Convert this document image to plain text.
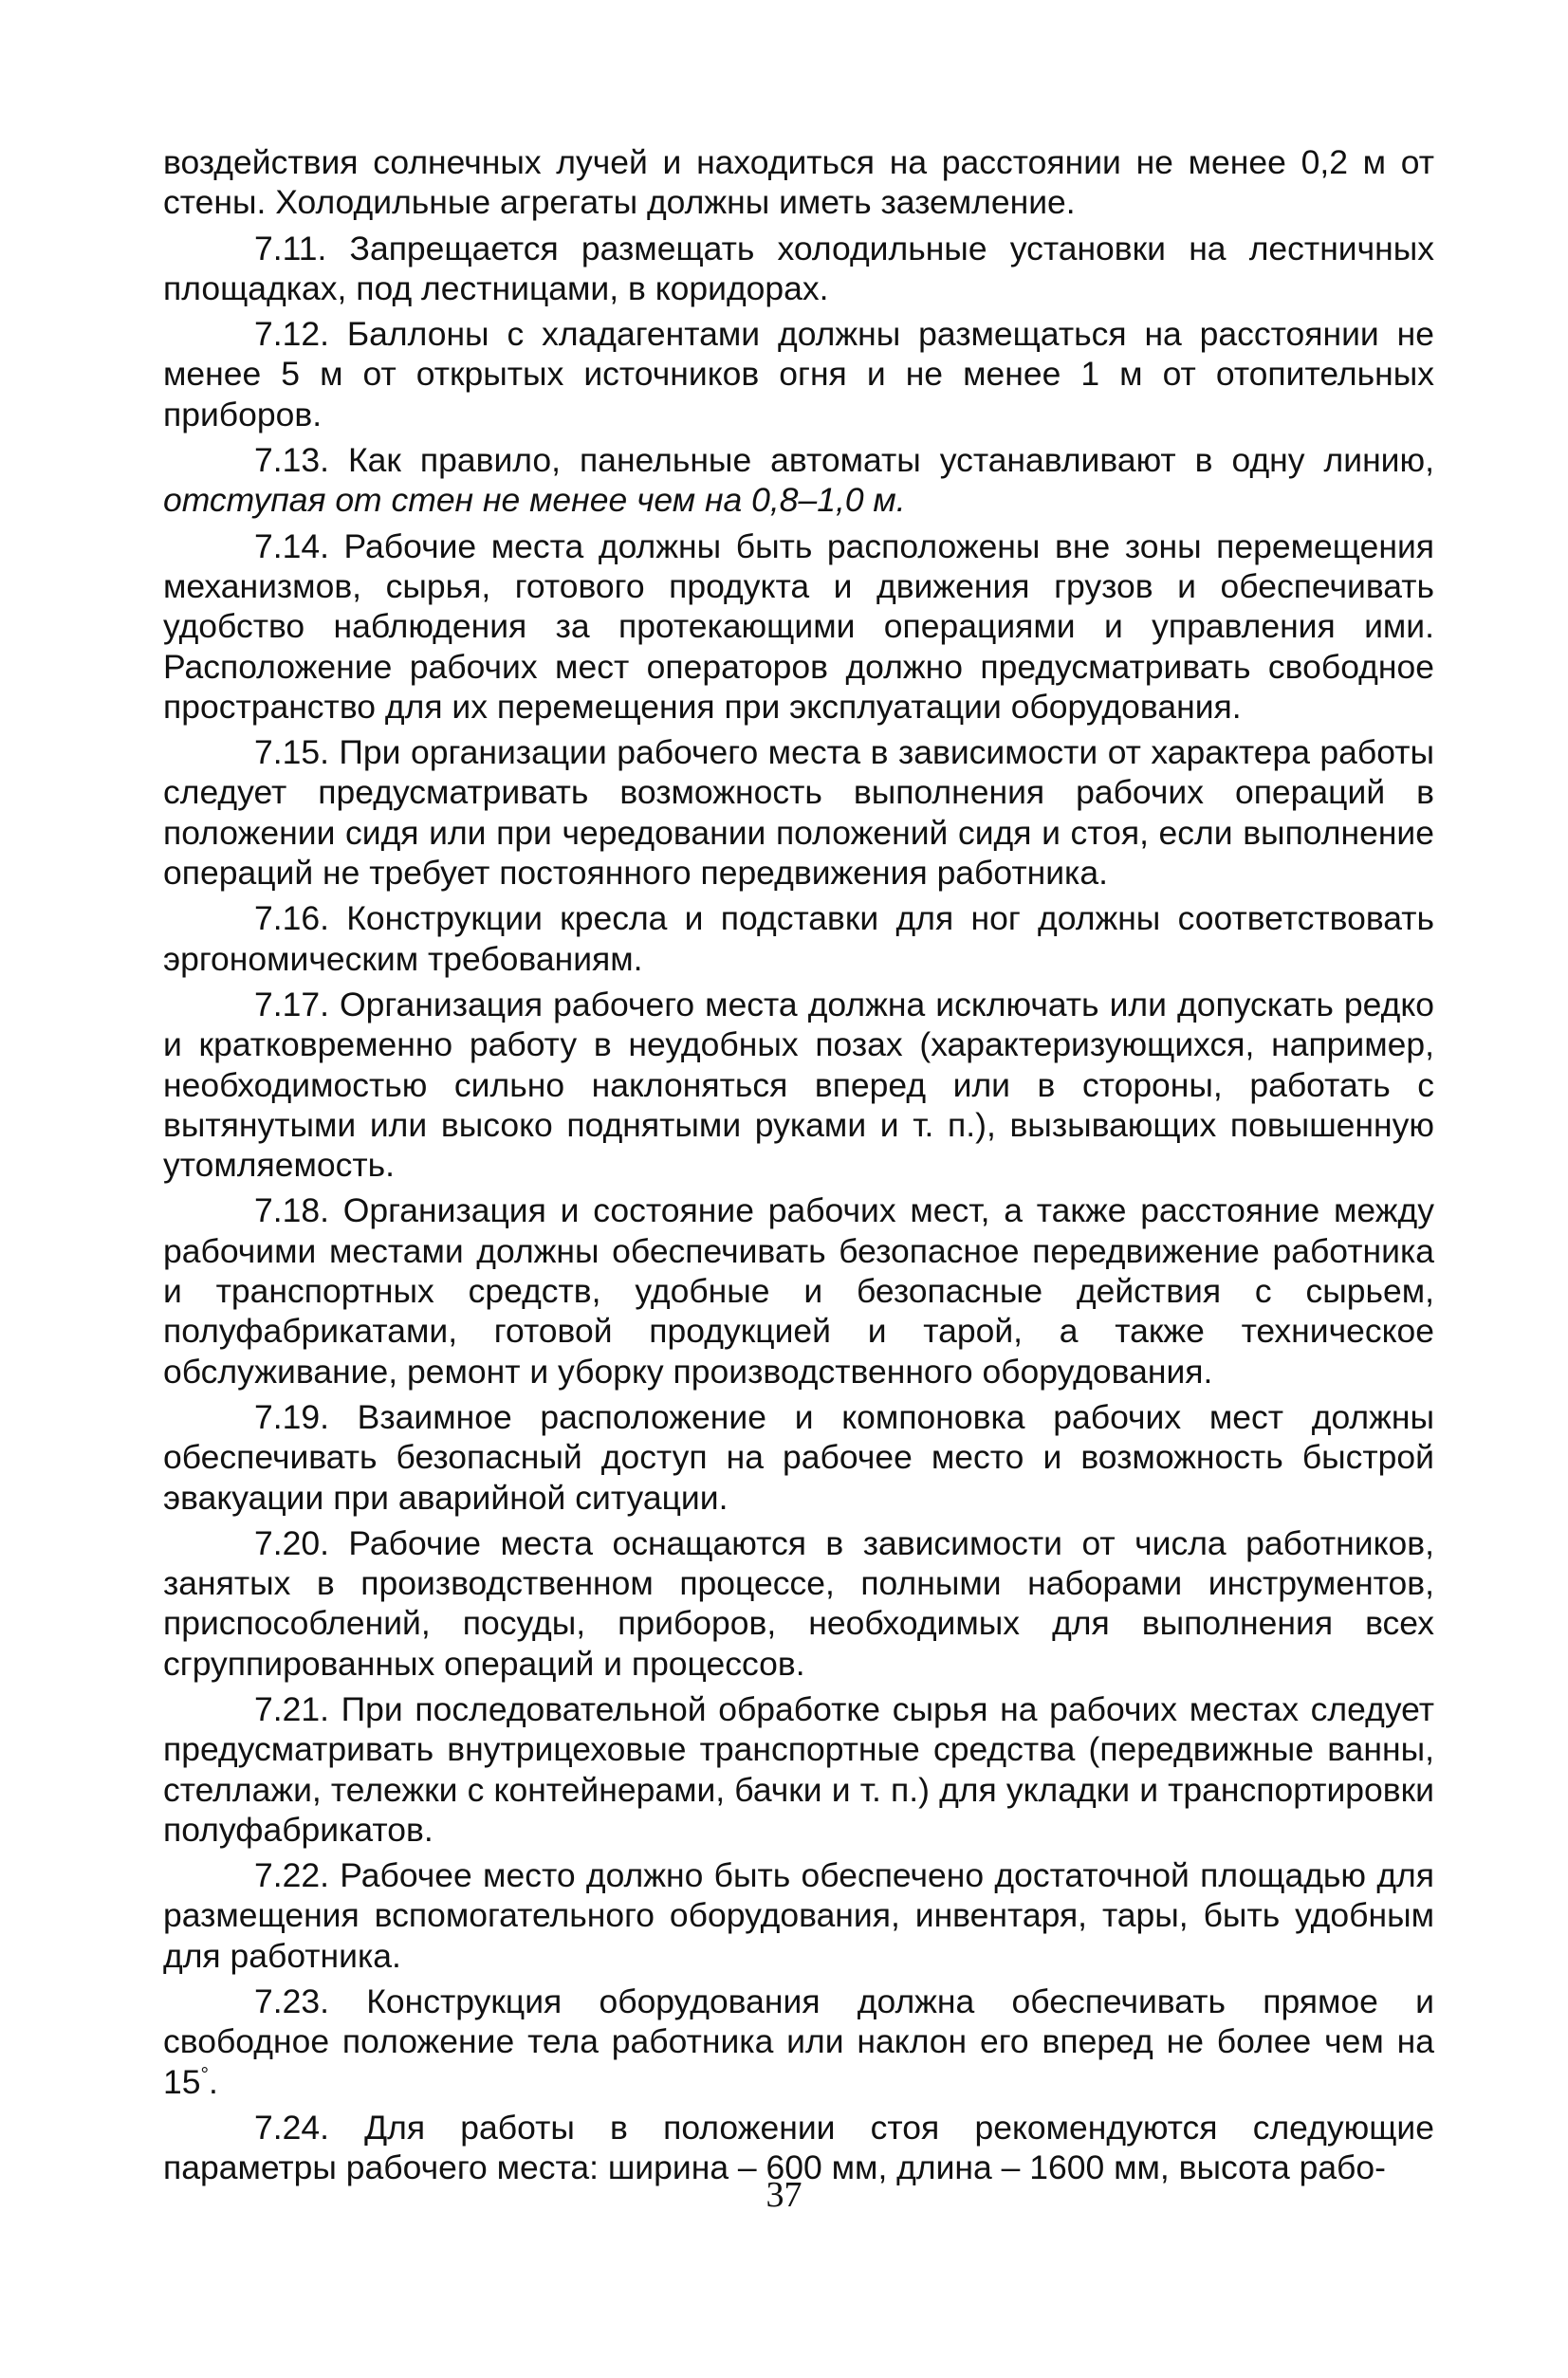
воздействия солнечных лучей и находиться на расстоянии не менее 0,2 м от стены. Холодильные агрегаты должны иметь заземление.

7.11. Запрещается размещать холодильные установки на лестничных площадках, под лестницами, в коридорах.

7.12. Баллоны с хладагентами должны размещаться на расстоянии не менее 5 м от открытых источников огня и не менее 1 м от отопительных приборов.

7.13. Как правило, панельные автоматы устанавливают в одну линию, отступая от стен не менее чем на 0,8–1,0 м.

7.14. Рабочие места должны быть расположены вне зоны перемещения механизмов, сырья, готового продукта и движения грузов и обеспечивать удобство наблюдения за протекающими операциями и управления ими. Расположение рабочих мест операторов должно предусматривать свободное пространство для их перемещения при эксплуатации оборудования.

7.15. При организации рабочего места в зависимости от характера работы следует предусматривать возможность выполнения рабочих операций в положении сидя или при чередовании положений сидя и стоя, если выполнение операций не требует постоянного передвижения работника.

7.16. Конструкции кресла и подставки для ног должны соответствовать эргономическим требованиям.

7.17. Организация рабочего места должна исключать или допускать редко и кратковременно работу в неудобных позах (характеризующихся, например, необходимостью сильно наклоняться вперед или в стороны, работать с вытянутыми или высоко поднятыми руками и т. п.), вызывающих повышенную утомляемость.

7.18. Организация и состояние рабочих мест, а также расстояние между рабочими местами должны обеспечивать безопасное передвижение работника и транспортных средств, удобные и безопасные действия с сырьем, полуфабрикатами, готовой продукцией и тарой, а также техническое обслуживание, ремонт и уборку производственного оборудования.

7.19. Взаимное расположение и компоновка рабочих мест должны обеспечивать безопасный доступ на рабочее место и возможность быстрой эвакуации при аварийной ситуации.

7.20. Рабочие места оснащаются в зависимости от числа работников, занятых в производственном процессе, полными наборами инструментов, приспособлений, посуды, приборов, необходимых для выполнения всех сгруппированных операций и процессов.

7.21. При последовательной обработке сырья на рабочих местах следует предусматривать внутрицеховые транспортные средства (передвижные ванны, стеллажи, тележки с контейнерами, бачки и т. п.) для укладки и транспортировки полуфабрикатов.

7.22. Рабочее место должно быть обеспечено достаточной площадью для размещения вспомогательного оборудования, инвентаря, тары, быть удобным для работника.

7.23. Конструкция оборудования должна обеспечивать прямое и свободное положение тела работника или наклон его вперед не более чем на 15°.

7.24. Для работы в положении стоя рекомендуются следующие параметры рабочего места: ширина – 600 мм, длина – 1600 мм, высота рабо-

37
